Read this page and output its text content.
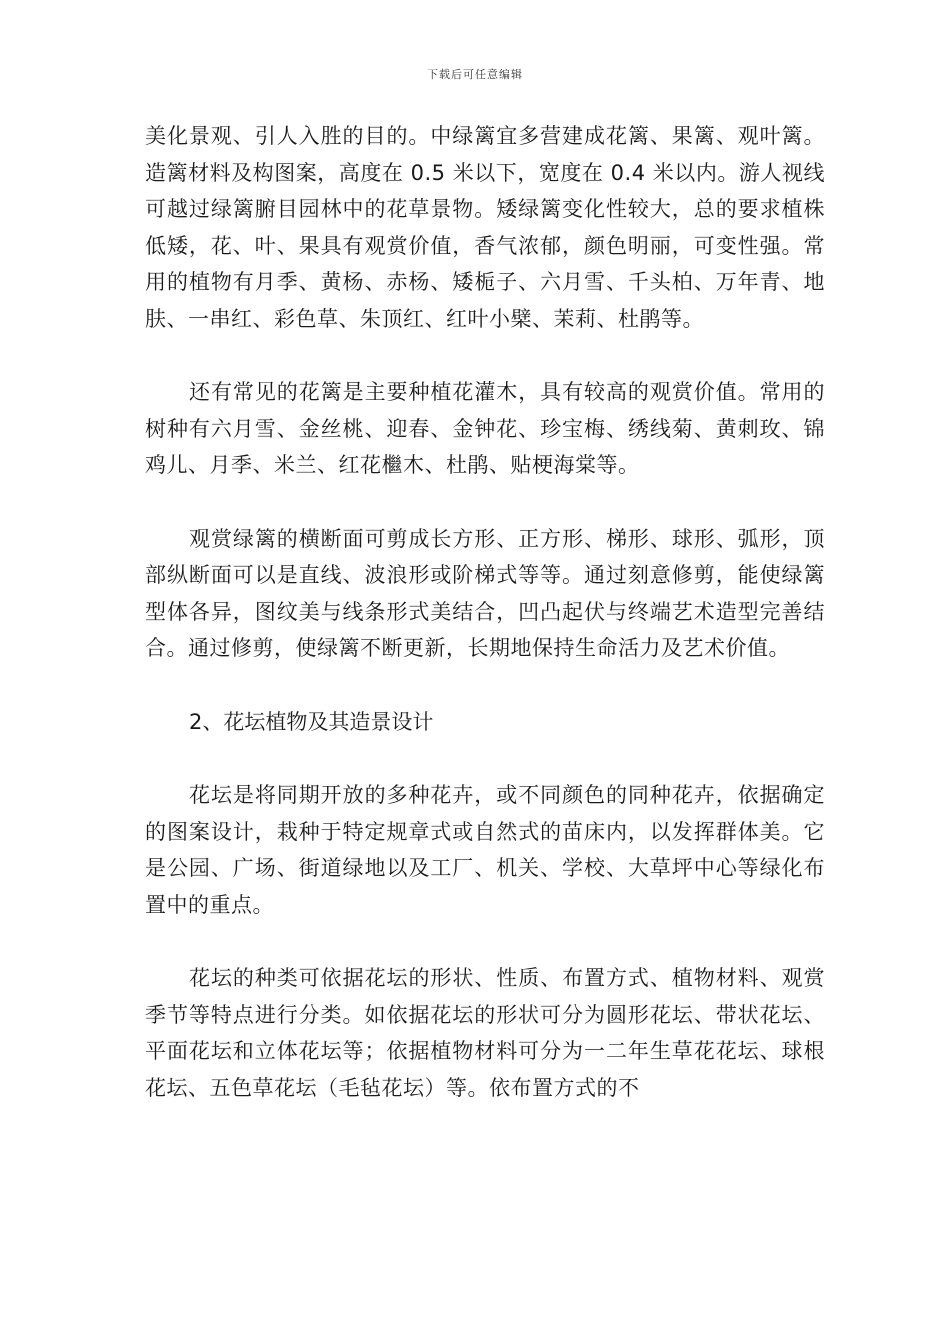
下载后可任意编辑

美化景观、引人入胜的目的。中绿篱宜多营建成花篱、果篱、观叶篱。造篱材料及构图案，高度在 0.5 米以下，宽度在 0.4 米以内。游人视线可越过绿篱腑目园林中的花草景物。矮绿篱变化性较大，总的要求植株低矮，花、叶、果具有观赏价值，香气浓郁，颜色明丽，可变性强。常用的植物有月季、黄杨、赤杨、矮栀子、六月雪、千头柏、万年青、地肤、一串红、彩色草、朱顶红、红叶小檗、茉莉、杜鹃等。

还有常见的花篱是主要种植花灌木，具有较高的观赏价值。常用的树种有六月雪、金丝桃、迎春、金钟花、珍宝梅、绣线菊、黄刺玫、锦鸡儿、月季、米兰、红花檵木、杜鹃、贴梗海棠等。

观赏绿篱的横断面可剪成长方形、正方形、梯形、球形、弧形，顶部纵断面可以是直线、波浪形或阶梯式等等。通过刻意修剪，能使绿篱型体各异，图纹美与线条形式美结合，凹凸起伏与终端艺术造型完善结合。通过修剪，使绿篱不断更新，长期地保持生命活力及艺术价值。

2、花坛植物及其造景设计

花坛是将同期开放的多种花卉，或不同颜色的同种花卉，依据确定的图案设计，栽种于特定规章式或自然式的苗床内，以发挥群体美。它是公园、广场、街道绿地以及工厂、机关、学校、大草坪中心等绿化布置中的重点。

花坛的种类可依据花坛的形状、性质、布置方式、植物材料、观赏季节等特点进行分类。如依据花坛的形状可分为圆形花坛、带状花坛、平面花坛和立体花坛等；依据植物材料可分为一二年生草花花坛、球根花坛、五色草花坛（毛毡花坛）等。依布置方式的不
